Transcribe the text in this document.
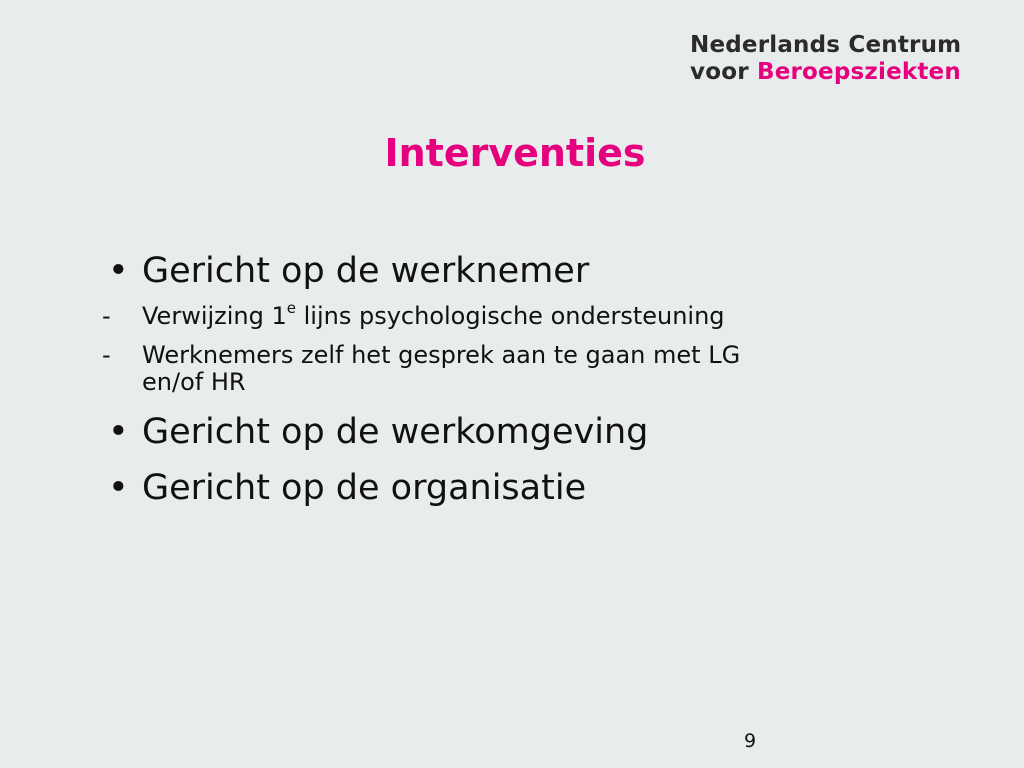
Nederlands Centrum
voor Beroepsziekten
Interventies
• Gericht op de werknemer
- Verwijzing 1e lijns psychologische ondersteuning
- Werknemers zelf het gesprek aan te gaan met LG
en/of HR
• Gericht op de werkomgeving
• Gericht op de organisatie
9
